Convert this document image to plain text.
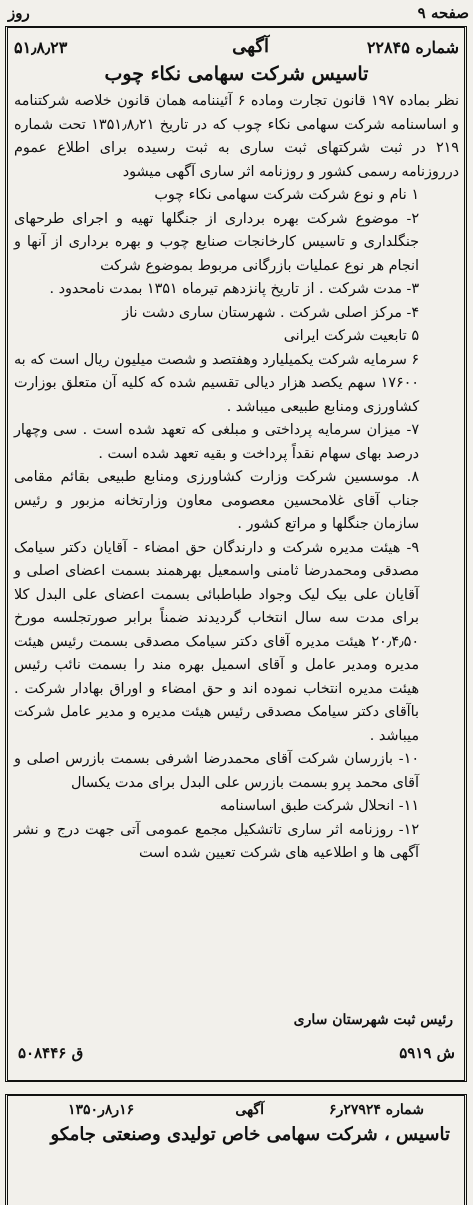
صفحه ۹
روز
شماره ۲۲۸۴۵
آگهی
۵۱٫۸٫۲۳
تاسیس شرکت سهامی نکاء چوب

نظر بماده ۱۹۷ قانون تجارت وماده ۶ آئیننامه همان قانون خلاصه شرکتنامه و اساسنامه شرکت سهامی نکاء چوب که در تاریخ ۱۳۵۱٫۸٫۲۱ تحت شماره ۲۱۹ در ثبت شرکتهای ثبت ساری به ثبت رسیده برای اطلاع عموم درروزنامه رسمی کشور و روزنامه اثر ساری آگهی میشود

۱ نام و نوع شرکت شرکت سهامی نکاء چوب

۲- موضوع شرکت بهره برداری از جنگلها تهیه و اجرای طرحهای جنگلداری و تاسیس کارخانجات صنایع چوب و بهره برداری از آنها و انجام هر نوع عملیات بازرگانی مربوط بموضوع شرکت

۳- مدت شرکت . از تاریخ پانزدهم تیرماه ۱۳۵۱ بمدت نامحدود .

۴- مرکز اصلی شرکت . شهرستان ساری دشت ناز

۵ تابعیت شرکت ایرانی

۶ سرمایه شرکت یکمیلیارد وهفتصد و شصت میلیون ریال است که به ۱۷۶۰۰ سهم یکصد هزار دیالی تقسیم شده که کلیه آن متعلق بوزارت کشاورزی ومنابع طبیعی میباشد .

۷- میزان سرمایه پرداختی و مبلغی که تعهد شده است . سی وچهار درصد بهای سهام نقداً پرداخت و بقیه تعهد شده است .

۸. موسسین شرکت وزارت کشاورزی ومنابع طبیعی بقائم مقامی جناب آقای غلامحسین معصومی معاون وزارتخانه مزبور و رئیس سازمان جنگلها و مراتع کشور .

۹- هیئت مدیره شرکت و دارندگان حق امضاء - آقایان دکتر سیامک مصدقی ومحمدرضا ثامنی واسمعیل بهرهمند بسمت اعضای اصلی و آقایان علی بیک لیک وجواد طباطبائی بسمت اعضای علی البدل کلا برای مدت سه سال انتخاب گردیدند ضمناً برابر صورتجلسه مورخ ۲۰٫۴٫۵۰ هیئت مدیره آقای دکتر سیامک مصدقی بسمت رئیس هیئت مدیره ومدیر عامل و آقای اسمیل بهره مند را بسمت نائب رئیس هیئت مدیره انتخاب نموده اند و حق امضاء و اوراق بهادار شرکت . باآقای دکتر سیامک مصدقی رئیس هیئت مدیره و مدیر عامل شرکت میباشد .

۱۰- بازرسان شرکت آقای محمدرضا اشرفی بسمت بازرس اصلی و آقای محمد پرو بسمت بازرس علی البدل برای مدت یکسال

۱۱- انحلال شرکت طبق اساسنامه

۱۲- روزنامه اثر ساری تاتشکیل مجمع عمومی آتی جهت درج و نشر آگهی ها و اطلاعیه های شرکت تعیین شده است

رئیس ثبت شهرستان ساری
ش ۵۹۱۹
ق ۵۰۸۴۴۶
شماره ۲۷۹۲۴ر۶
آگهی
۱۶ر۸ر۱۳۵۰
تاسیس ، شرکت سهامی خاص تولیدی وصنعتی جامکو
